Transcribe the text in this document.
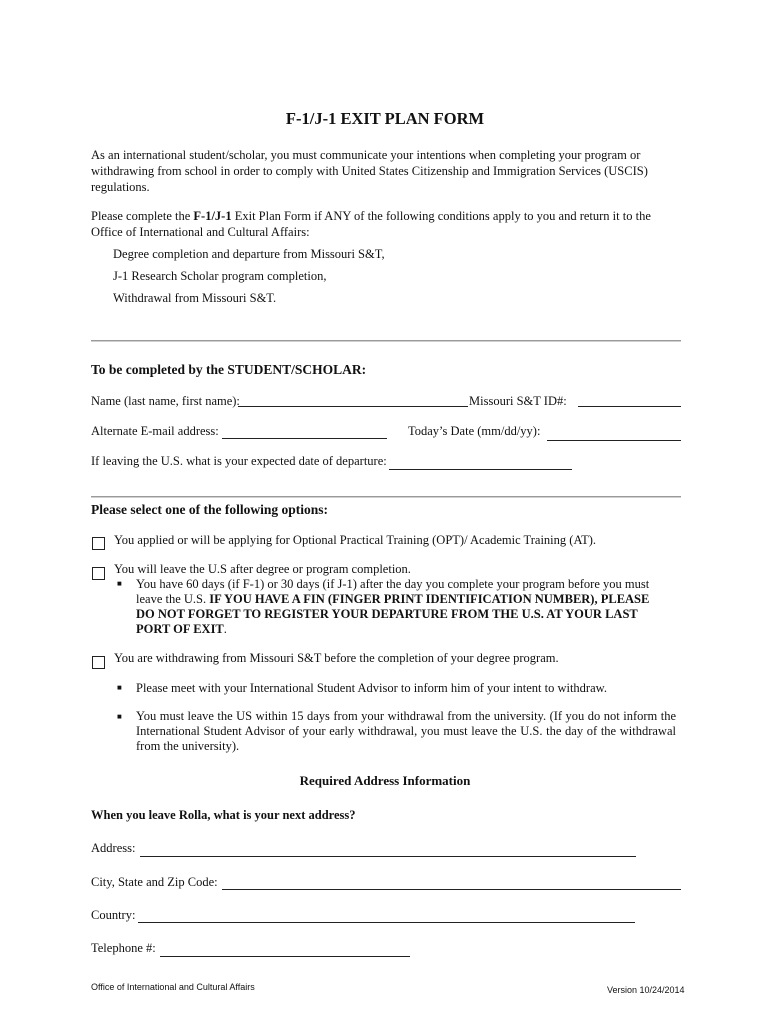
F-1/J-1 EXIT PLAN FORM
As an international student/scholar, you must communicate your intentions when completing your program or withdrawing from school in order to comply with United States Citizenship and Immigration Services (USCIS) regulations.
Please complete the F-1/J-1 Exit Plan Form if ANY of the following conditions apply to you and return it to the Office of International and Cultural Affairs:
Degree completion and departure from Missouri S&T,
J-1 Research Scholar program completion,
Withdrawal from Missouri S&T.
To be completed by the STUDENT/SCHOLAR:
Name (last name, first name):	Missouri S&T ID#:
Alternate E-mail address:	Today’s Date (mm/dd/yy):
If leaving the U.S. what is your expected date of departure:
Please select one of the following options:
You applied or will be applying for Optional Practical Training (OPT)/ Academic Training (AT).
You will leave the U.S after degree or program completion.
■ You have 60 days (if F-1) or 30 days (if J-1) after the day you complete your program before you must
leave the U.S. IF YOU HAVE A FIN (FINGER PRINT IDENTIFICATION NUMBER), PLEASE
DO NOT FORGET TO REGISTER YOUR DEPARTURE FROM THE U.S. AT YOUR LAST
PORT OF EXIT.
You are withdrawing from Missouri S&T before the completion of your degree program.
■ Please meet with your International Student Advisor to inform him of your intent to withdraw.
■ You must leave the US within 15 days from your withdrawal from the university. (If you do not inform the International Student Advisor of your early withdrawal, you must leave the U.S. the day of the withdrawal from the university).
Required Address Information
When you leave Rolla, what is your next address?
Address:
City, State and Zip Code:
Country:
Telephone #:
Office of International and Cultural Affairs	Version 10/24/2014
